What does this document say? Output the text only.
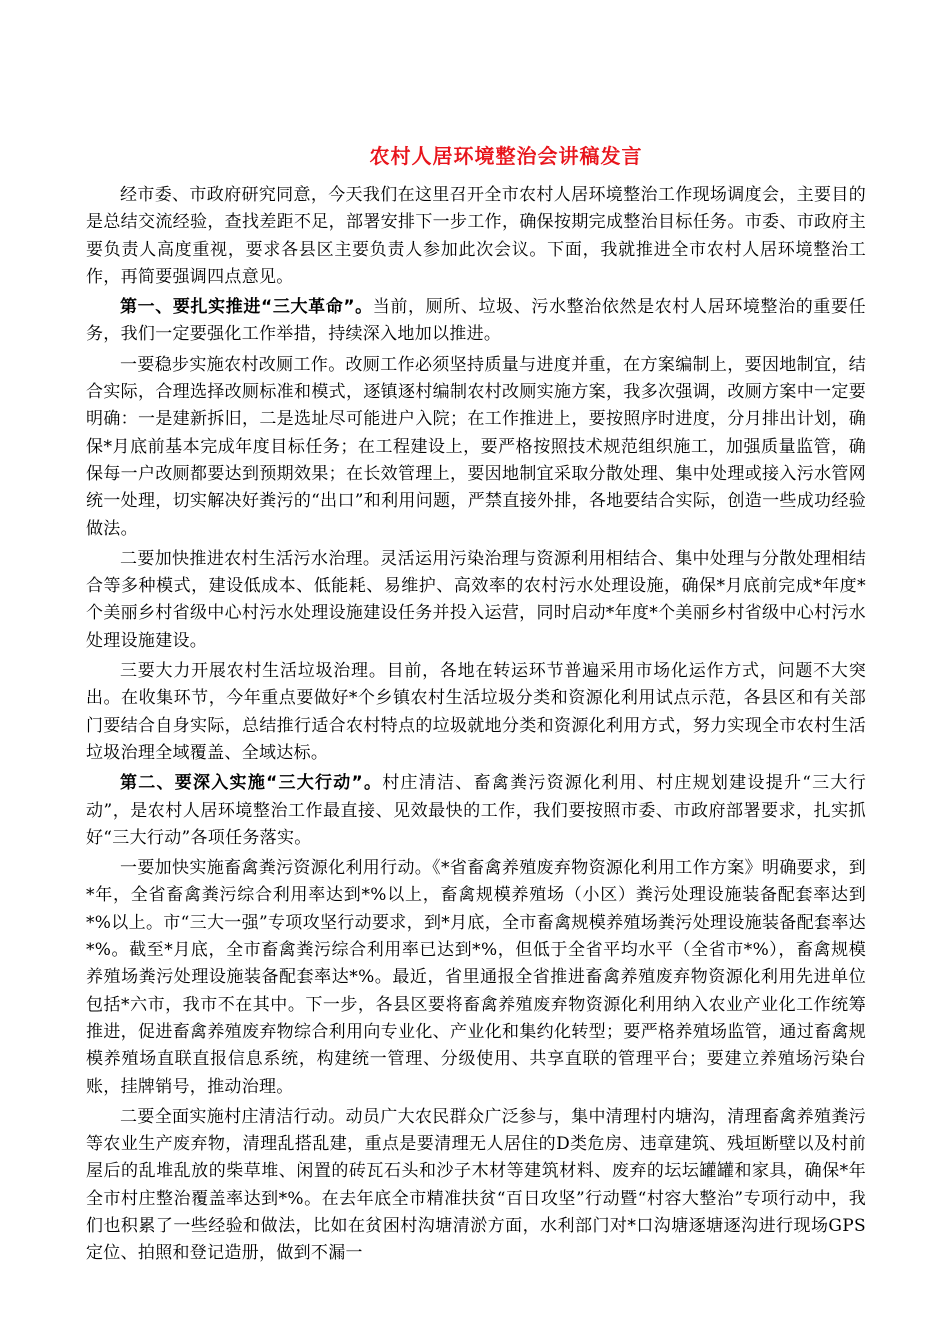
农村人居环境整治会讲稿发言

经市委、市政府研究同意，今天我们在这里召开全市农村人居环境整治工作现场调度会，主要目的是总结交流经验，查找差距不足，部署安排下一步工作，确保按期完成整治目标任务。市委、市政府主要负责人高度重视，要求各县区主要负责人参加此次会议。下面，我就推进全市农村人居环境整治工作，再简要强调四点意见。

第一、要扎实推进“三大革命”。当前，厕所、垃圾、污水整治依然是农村人居环境整治的重要任务，我们一定要强化工作举措，持续深入地加以推进。

一要稳步实施农村改厕工作。改厕工作必须坚持质量与进度并重，在方案编制上，要因地制宜，结合实际，合理选择改厕标准和模式，逐镇逐村编制农村改厕实施方案，我多次强调，改厕方案中一定要明确：一是建新拆旧，二是选址尽可能进户入院；在工作推进上，要按照序时进度，分月排出计划，确保*月底前基本完成年度目标任务；在工程建设上，要严格按照技术规范组织施工，加强质量监管，确保每一户改厕都要达到预期效果；在长效管理上，要因地制宜采取分散处理、集中处理或接入污水管网统一处理，切实解决好粪污的“出口”和利用问题，严禁直接外排，各地要结合实际，创造一些成功经验做法。

二要加快推进农村生活污水治理。灵活运用污染治理与资源利用相结合、集中处理与分散处理相结合等多种模式，建设低成本、低能耗、易维护、高效率的农村污水处理设施，确保*月底前完成*年度*个美丽乡村省级中心村污水处理设施建设任务并投入运营，同时启动*年度*个美丽乡村省级中心村污水处理设施建设。

三要大力开展农村生活垃圾治理。目前，各地在转运环节普遍采用市场化运作方式，问题不大突出。在收集环节，今年重点要做好*个乡镇农村生活垃圾分类和资源化利用试点示范，各县区和有关部门要结合自身实际，总结推行适合农村特点的垃圾就地分类和资源化利用方式，努力实现全市农村生活垃圾治理全域覆盖、全域达标。

第二、要深入实施“三大行动”。村庄清洁、畜禽粪污资源化利用、村庄规划建设提升“三大行动”，是农村人居环境整治工作最直接、见效最快的工作，我们要按照市委、市政府部署要求，扎实抓好“三大行动”各项任务落实。

一要加快实施畜禽粪污资源化利用行动。《*省畜禽养殖废弃物资源化利用工作方案》明确要求，到*年，全省畜禽粪污综合利用率达到*%以上，畜禽规模养殖场（小区）粪污处理设施装备配套率达到*%以上。市“三大一强”专项攻坚行动要求，到*月底，全市畜禽规模养殖场粪污处理设施装备配套率达*%。截至*月底，全市畜禽粪污综合利用率已达到*%，但低于全省平均水平（全省市*%），畜禽规模养殖场粪污处理设施装备配套率达*%。最近，省里通报全省推进畜禽养殖废弃物资源化利用先进单位包括*六市，我市不在其中。下一步，各县区要将畜禽养殖废弃物资源化利用纳入农业产业化工作统筹推进，促进畜禽养殖废弃物综合利用向专业化、产业化和集约化转型；要严格养殖场监管，通过畜禽规模养殖场直联直报信息系统，构建统一管理、分级使用、共享直联的管理平台；要建立养殖场污染台账，挂牌销号，推动治理。

二要全面实施村庄清洁行动。动员广大农民群众广泛参与，集中清理村内塘沟，清理畜禽养殖粪污等农业生产废弃物，清理乱搭乱建，重点是要清理无人居住的D类危房、违章建筑、残垣断壁以及村前屋后的乱堆乱放的柴草堆、闲置的砖瓦石头和沙子木材等建筑材料、废弃的坛坛罐罐和家具，确保*年全市村庄整治覆盖率达到*%。在去年底全市精准扶贫“百日攻坚”行动暨“村容大整治”专项行动中，我们也积累了一些经验和做法，比如在贫困村沟塘清淤方面，水利部门对*口沟塘逐塘逐沟进行现场GPS定位、拍照和登记造册，做到不漏一
